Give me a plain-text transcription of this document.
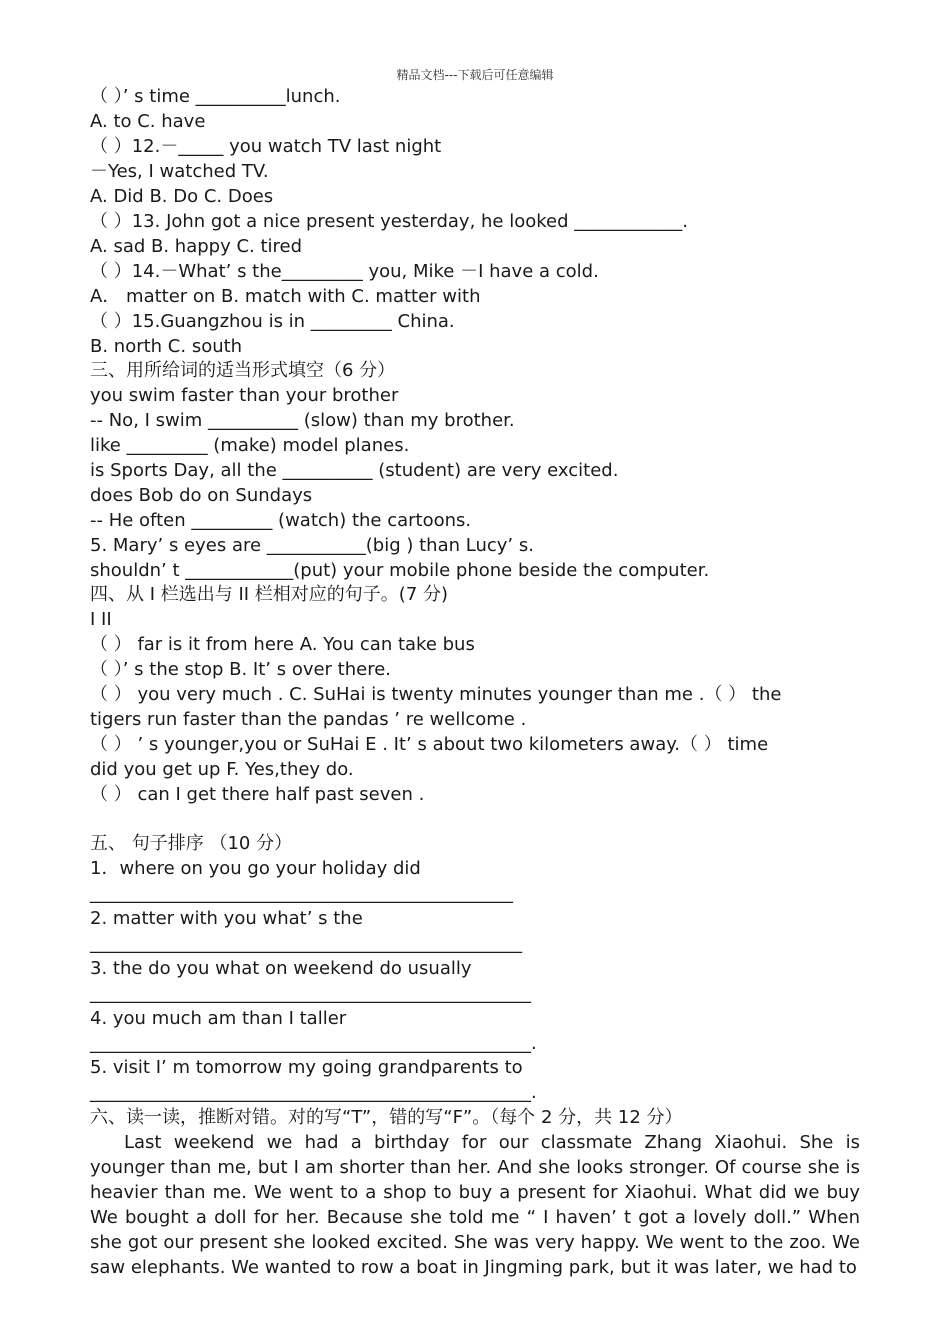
精品文档---下载后可任意编辑
（ ）’ s time __________lunch.
A. to C. have
（ ）12.－_____ you watch TV last night
－Yes, I watched TV.
A. Did B. Do C. Does
（ ）13. John got a nice present yesterday, he looked ____________.
A. sad B. happy C. tired
（ ）14.－What’ s the_________ you, Mike －I have a cold.
A． matter on B. match with C. matter with
（ ）15.Guangzhou is in _________ China.
B. north C. south
三、用所给词的适当形式填空（6 分）
you swim faster than your brother
-- No, I swim __________ (slow) than my brother.
like _________ (make) model planes.
is Sports Day, all the __________ (student) are very excited.
does Bob do on Sundays
-- He often _________ (watch) the cartoons.
5. Mary’ s eyes are ___________(big ) than Lucy’ s.
shouldn’ t ____________(put) your mobile phone beside the computer.
四、从 I 栏选出与 II 栏相对应的句子。(7 分)
I II
（ ） far is it from here A. You can take bus
（ ）’ s the stop B. It’ s over there.
（ ） you very much . C. SuHai is twenty minutes younger than me .（ ） the
tigers run faster than the pandas ’ re wellcome .
（ ） ’ s younger,you or SuHai E . It’ s about two kilometers away.（ ） time
did you get up F. Yes,they do.
（ ） can I get there half past seven .
五、 句子排序 （10 分）
1．where on you go your holiday did
_______________________________________________
2. matter with you what’ s the
________________________________________________
3. the do you what on weekend do usually
_________________________________________________
4. you much am than I taller
_________________________________________________.
5. visit I’ m tomorrow my going grandparents to
_________________________________________________.
六、读一读，推断对错。对的写“T”，错的写“F”。（每个 2 分，共 12 分）
Last weekend we had a birthday for our classmate Zhang Xiaohui. She is younger than me, but I am shorter than her. And she looks stronger. Of course she is heavier than me. We went to a shop to buy a present for Xiaohui. What did we buy We bought a doll for her. Because she told me “ I haven’ t got a lovely doll.” When she got our present she looked excited. She was very happy. We went to the zoo. We saw elephants. We wanted to row a boat in Jingming park, but it was later, we had to
